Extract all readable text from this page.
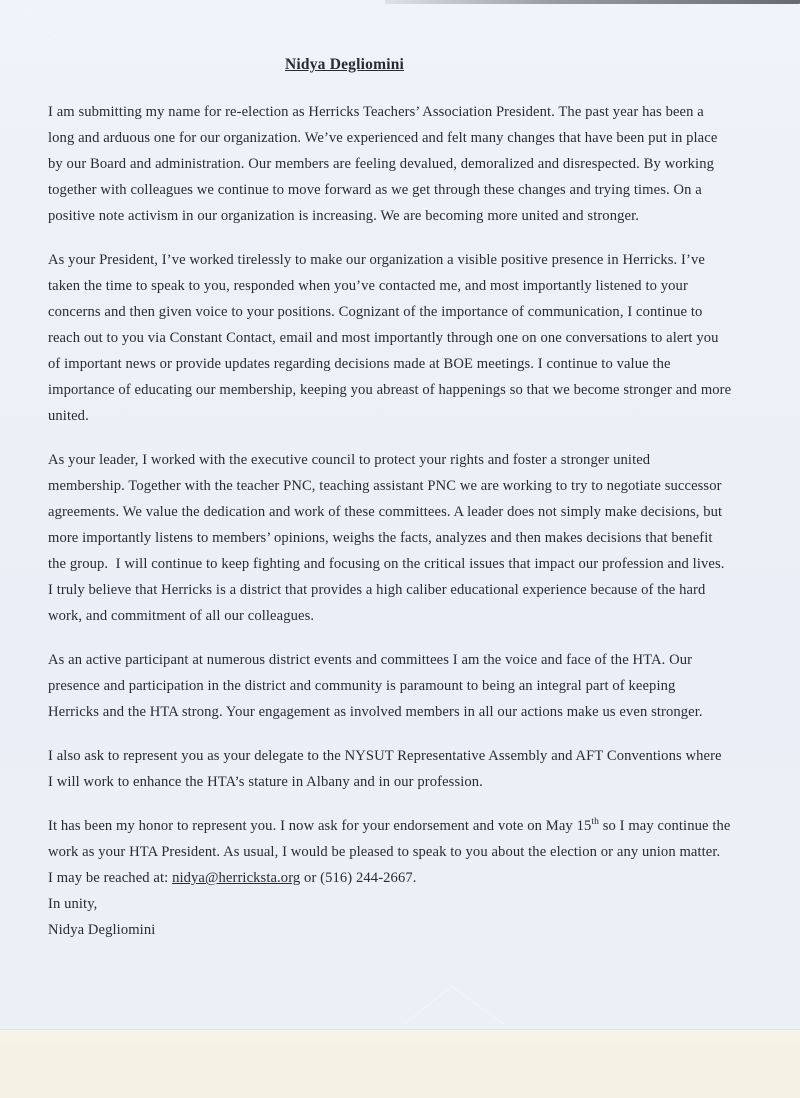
Nidya Degliomini
I am submitting my name for re-election as Herricks Teachers’ Association President. The past year has been a
long and arduous one for our organization. We’ve experienced and felt many changes that have been put in place
by our Board and administration. Our members are feeling devalued, demoralized and disrespected. By working
together with colleagues we continue to move forward as we get through these changes and trying times. On a
positive note activism in our organization is increasing. We are becoming more united and stronger.
As your President, I’ve worked tirelessly to make our organization a visible positive presence in Herricks. I’ve
taken the time to speak to you, responded when you’ve contacted me, and most importantly listened to your
concerns and then given voice to your positions. Cognizant of the importance of communication, I continue to
reach out to you via Constant Contact, email and most importantly through one on one conversations to alert you
of important news or provide updates regarding decisions made at BOE meetings. I continue to value the
importance of educating our membership, keeping you abreast of happenings so that we become stronger and more
united.
As your leader, I worked with the executive council to protect your rights and foster a stronger united
membership. Together with the teacher PNC, teaching assistant PNC we are working to try to negotiate successor
agreements. We value the dedication and work of these committees. A leader does not simply make decisions, but
more importantly listens to members’ opinions, weighs the facts, analyzes and then makes decisions that benefit
the group.  I will continue to keep fighting and focusing on the critical issues that impact our profession and lives.
I truly believe that Herricks is a district that provides a high caliber educational experience because of the hard
work, and commitment of all our colleagues.
As an active participant at numerous district events and committees I am the voice and face of the HTA. Our
presence and participation in the district and community is paramount to being an integral part of keeping
Herricks and the HTA strong. Your engagement as involved members in all our actions make us even stronger.
I also ask to represent you as your delegate to the NYSUT Representative Assembly and AFT Conventions where
I will work to enhance the HTA’s stature in Albany and in our profession.
It has been my honor to represent you. I now ask for your endorsement and vote on May 15th so I may continue the
work as your HTA President. As usual, I would be pleased to speak to you about the election or any union matter.
I may be reached at: nidya@herricksta.org or (516) 244-2667.
In unity,
Nidya Degliomini
